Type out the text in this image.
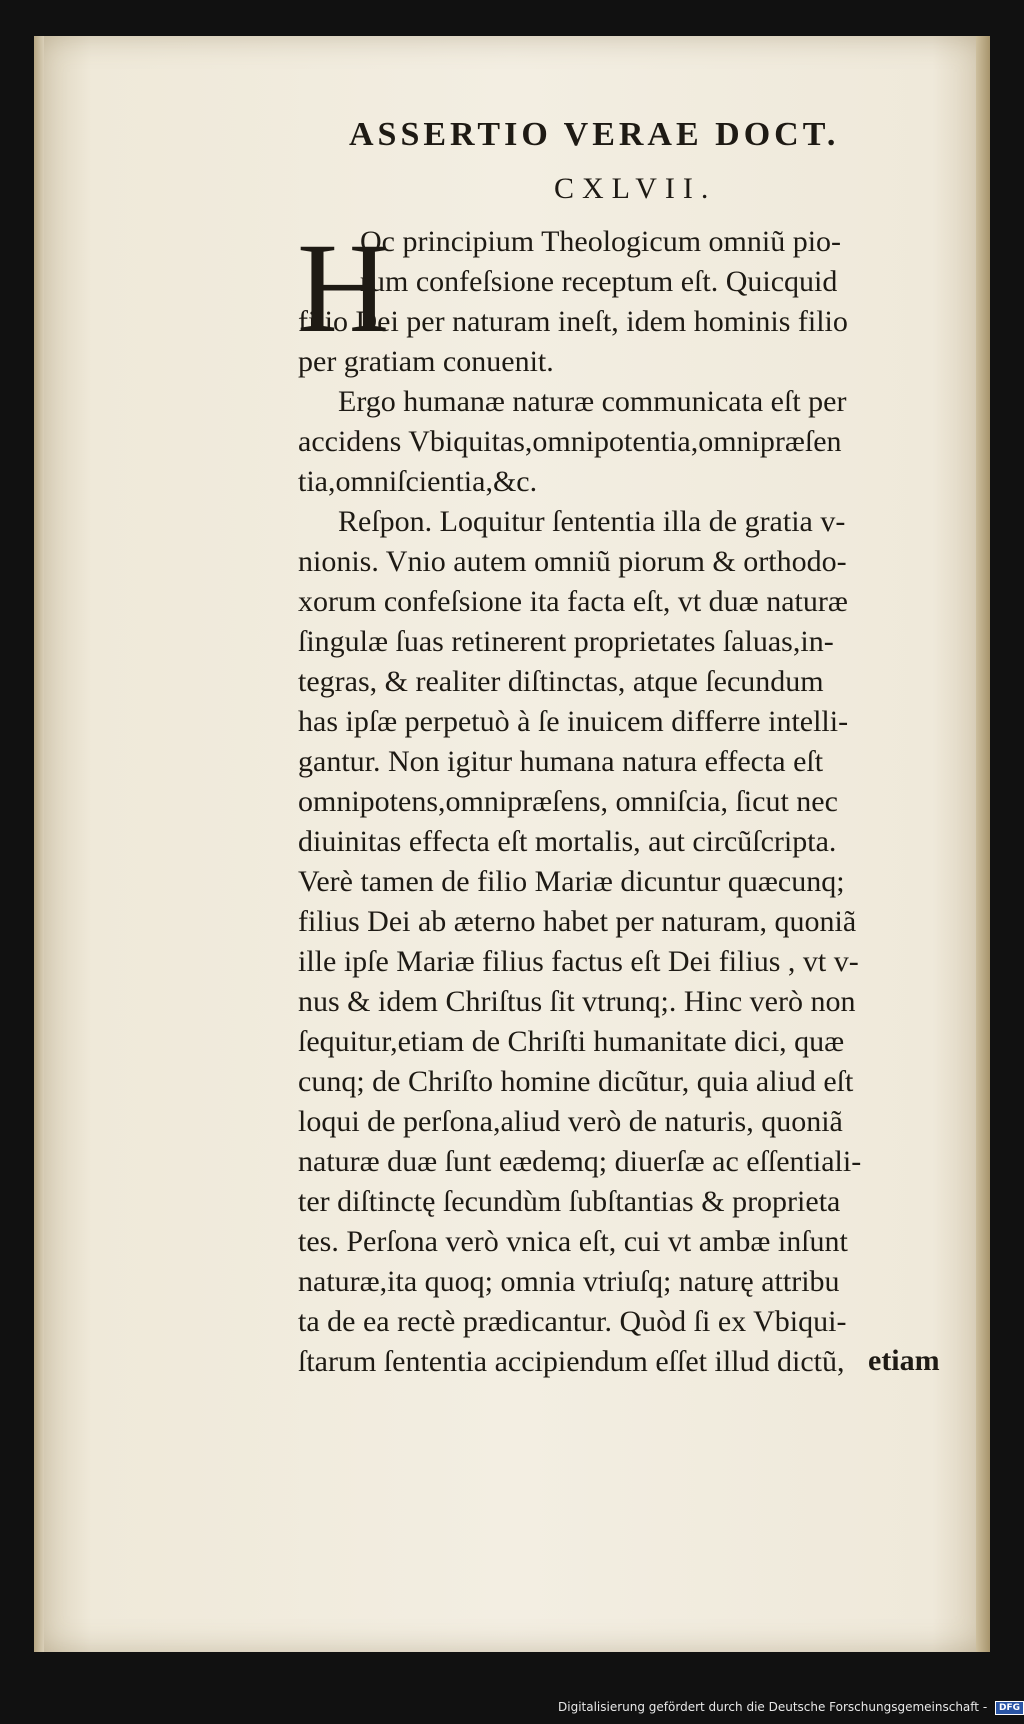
ASSERTIO VERAE DOCT.
CXLVII.
H
Oc principium Theologicum omniũ pio-
rum confeſsione receptum eſt. Quicquid
filio Dei per naturam ineſt, idem hominis filio
per gratiam conuenit.
Ergo humanæ naturæ communicata eſt per
accidens Vbiquitas,omnipotentia,omnipræſen
tia,omniſcientia,&c.
Reſpon. Loquitur ſententia illa de gratia v-
nionis. Vnio autem omniũ piorum & orthodo-
xorum confeſsione ita facta eſt, vt duæ naturæ
ſingulæ ſuas retinerent proprietates ſaluas,in-
tegras, & realiter diſtinctas, atque ſecundum
has ipſæ perpetuò à ſe inuicem differre intelli-
gantur. Non igitur humana natura effecta eſt
omnipotens,omnipræſens, omniſcia, ſicut nec
diuinitas effecta eſt mortalis, aut circũſcripta.
Verè tamen de filio Mariæ dicuntur quæcunq;
filius Dei ab æterno habet per naturam, quoniã
ille ipſe Mariæ filius factus eſt Dei filius , vt v-
nus & idem Chriſtus ſit vtrunq;. Hinc verò non
ſequitur,etiam de Chriſti humanitate dici, quæ
cunq; de Chriſto homine dicũtur, quia aliud eſt
loqui de perſona,aliud verò de naturis, quoniã
naturæ duæ ſunt eædemq; diuerſæ ac eſſentiali-
ter diſtinctę ſecundùm ſubſtantias & proprieta
tes. Perſona verò vnica eſt, cui vt ambæ inſunt
naturæ,ita quoq; omnia vtriuſq; naturę attribu
ta de ea rectè prædicantur. Quòd ſi ex Vbiqui-
ſtarum ſententia accipiendum eſſet illud dictũ, etiam
Digitalisierung gefördert durch die Deutsche Forschungsgemeinschaft - DFG
